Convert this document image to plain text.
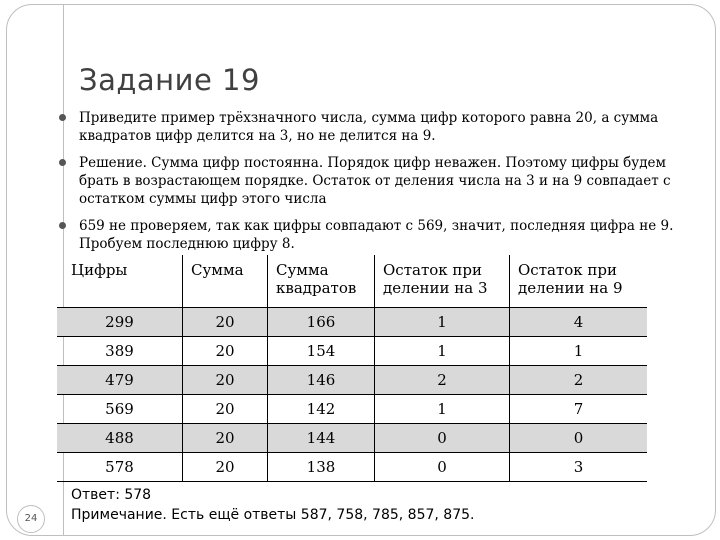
Задание 19
Приведите пример трёхзначного числа, сумма цифр которого равна 20, а сумма квадратов цифр делится на 3, но не делится на 9.
Решение. Сумма цифр постоянна. Порядок цифр неважен. Поэтому цифры будем брать в возрастающем порядке. Остаток от деления числа на 3 и на 9 совпадает с остатком суммы цифр этого числа
659 не проверяем, так как цифры совпадают с 569, значит, последняя цифра не 9. Пробуем последнюю цифру 8.
Цифры	Сумма	Сумма квадратов	Остаток при делении на 3	Остаток при делении на 9
299	20	166	1	4
389	20	154	1	1
479	20	146	2	2
569	20	142	1	7
488	20	144	0	0
578	20	138	0	3
Ответ: 578
Примечание. Есть ещё ответы 587, 758, 785, 857, 875.
24
